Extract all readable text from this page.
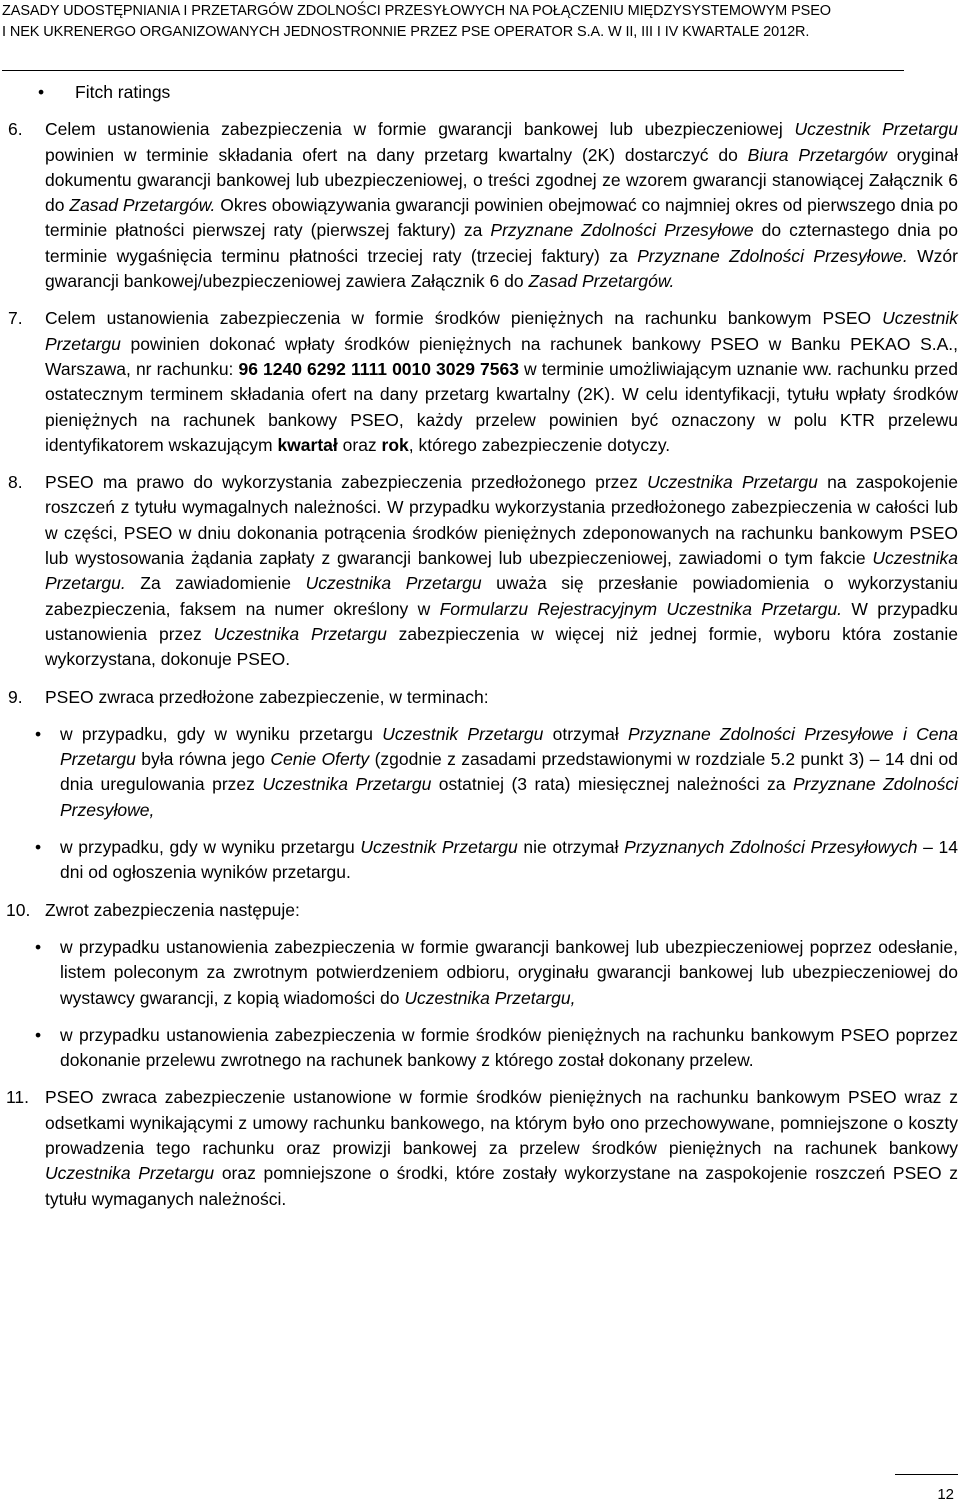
ZASADY UDOSTĘPNIANIA I PRZETARGÓW ZDOLNOŚCI PRZESYŁOWYCH NA POŁĄCZENIU MIĘDZYSYSTEMOWYM PSEO
I NEK UKRENERGO ORGANIZOWANYCH JEDNOSTRONNIE PRZEZ PSE OPERATOR S.A. W II, III I IV KWARTALE 2012R.
• Fitch ratings
6. Celem ustanowienia zabezpieczenia w formie gwarancji bankowej lub ubezpieczeniowej Uczestnik Przetargu powinien w terminie składania ofert na dany przetarg kwartalny (2K) dostarczyć do Biura Przetargów oryginał dokumentu gwarancji bankowej lub ubezpieczeniowej, o treści zgodnej ze wzorem gwarancji stanowiącej Załącznik 6 do Zasad Przetargów. Okres obowiązywania gwarancji powinien obejmować co najmniej okres od pierwszego dnia po terminie płatności pierwszej raty (pierwszej faktury) za Przyznane Zdolności Przesyłowe do czternastego dnia po terminie wygaśnięcia terminu płatności trzeciej raty (trzeciej faktury) za Przyznane Zdolności Przesyłowe. Wzór gwarancji bankowej/ubezpieczeniowej zawiera Załącznik 6 do Zasad Przetargów.
7. Celem ustanowienia zabezpieczenia w formie środków pieniężnych na rachunku bankowym PSEO Uczestnik Przetargu powinien dokonać wpłaty środków pieniężnych na rachunek bankowy PSEO w Banku PEKAO S.A., Warszawa, nr rachunku: 96 1240 6292 1111 0010 3029 7563 w terminie umożliwiającym uznanie ww. rachunku przed ostatecznym terminem składania ofert na dany przetarg kwartalny (2K). W celu identyfikacji, tytułu wpłaty środków pieniężnych na rachunek bankowy PSEO, każdy przelew powinien być oznaczony w polu KTR przelewu identyfikatorem wskazującym kwartał oraz rok, którego zabezpieczenie dotyczy.
8. PSEO ma prawo do wykorzystania zabezpieczenia przedłożonego przez Uczestnika Przetargu na zaspokojenie roszczeń z tytułu wymagalnych należności. W przypadku wykorzystania przedłożonego zabezpieczenia w całości lub w części, PSEO w dniu dokonania potrącenia środków pieniężnych zdeponowanych na rachunku bankowym PSEO lub wystosowania żądania zapłaty z gwarancji bankowej lub ubezpieczeniowej, zawiadomi o tym fakcie Uczestnika Przetargu. Za zawiadomienie Uczestnika Przetargu uważa się przesłanie powiadomienia o wykorzystaniu zabezpieczenia, faksem na numer określony w Formularzu Rejestracyjnym Uczestnika Przetargu. W przypadku ustanowienia przez Uczestnika Przetargu zabezpieczenia w więcej niż jednej formie, wyboru która zostanie wykorzystana, dokonuje PSEO.
9. PSEO zwraca przedłożone zabezpieczenie, w terminach:
• w przypadku, gdy w wyniku przetargu Uczestnik Przetargu otrzymał Przyznane Zdolności Przesyłowe i Cena Przetargu była równa jego Cenie Oferty (zgodnie z zasadami przedstawionymi w rozdziale 5.2 punkt 3) – 14 dni od dnia uregulowania przez Uczestnika Przetargu ostatniej (3 rata) miesięcznej należności za Przyznane Zdolności Przesyłowe,
• w przypadku, gdy w wyniku przetargu Uczestnik Przetargu nie otrzymał Przyznanych Zdolności Przesyłowych – 14 dni od ogłoszenia wyników przetargu.
10. Zwrot zabezpieczenia następuje:
• w przypadku ustanowienia zabezpieczenia w formie gwarancji bankowej lub ubezpieczeniowej poprzez odesłanie, listem poleconym za zwrotnym potwierdzeniem odbioru, oryginału gwarancji bankowej lub ubezpieczeniowej do wystawcy gwarancji, z kopią wiadomości do Uczestnika Przetargu,
• w przypadku ustanowienia zabezpieczenia w formie środków pieniężnych na rachunku bankowym PSEO poprzez dokonanie przelewu zwrotnego na rachunek bankowy z którego został dokonany przelew.
11. PSEO zwraca zabezpieczenie ustanowione w formie środków pieniężnych na rachunku bankowym PSEO wraz z odsetkami wynikającymi z umowy rachunku bankowego, na którym było ono przechowywane, pomniejszone o koszty prowadzenia tego rachunku oraz prowizji bankowej za przelew środków pieniężnych na rachunek bankowy Uczestnika Przetargu oraz pomniejszone o środki, które zostały wykorzystane na zaspokojenie roszczeń PSEO z tytułu wymaganych należności.
12
